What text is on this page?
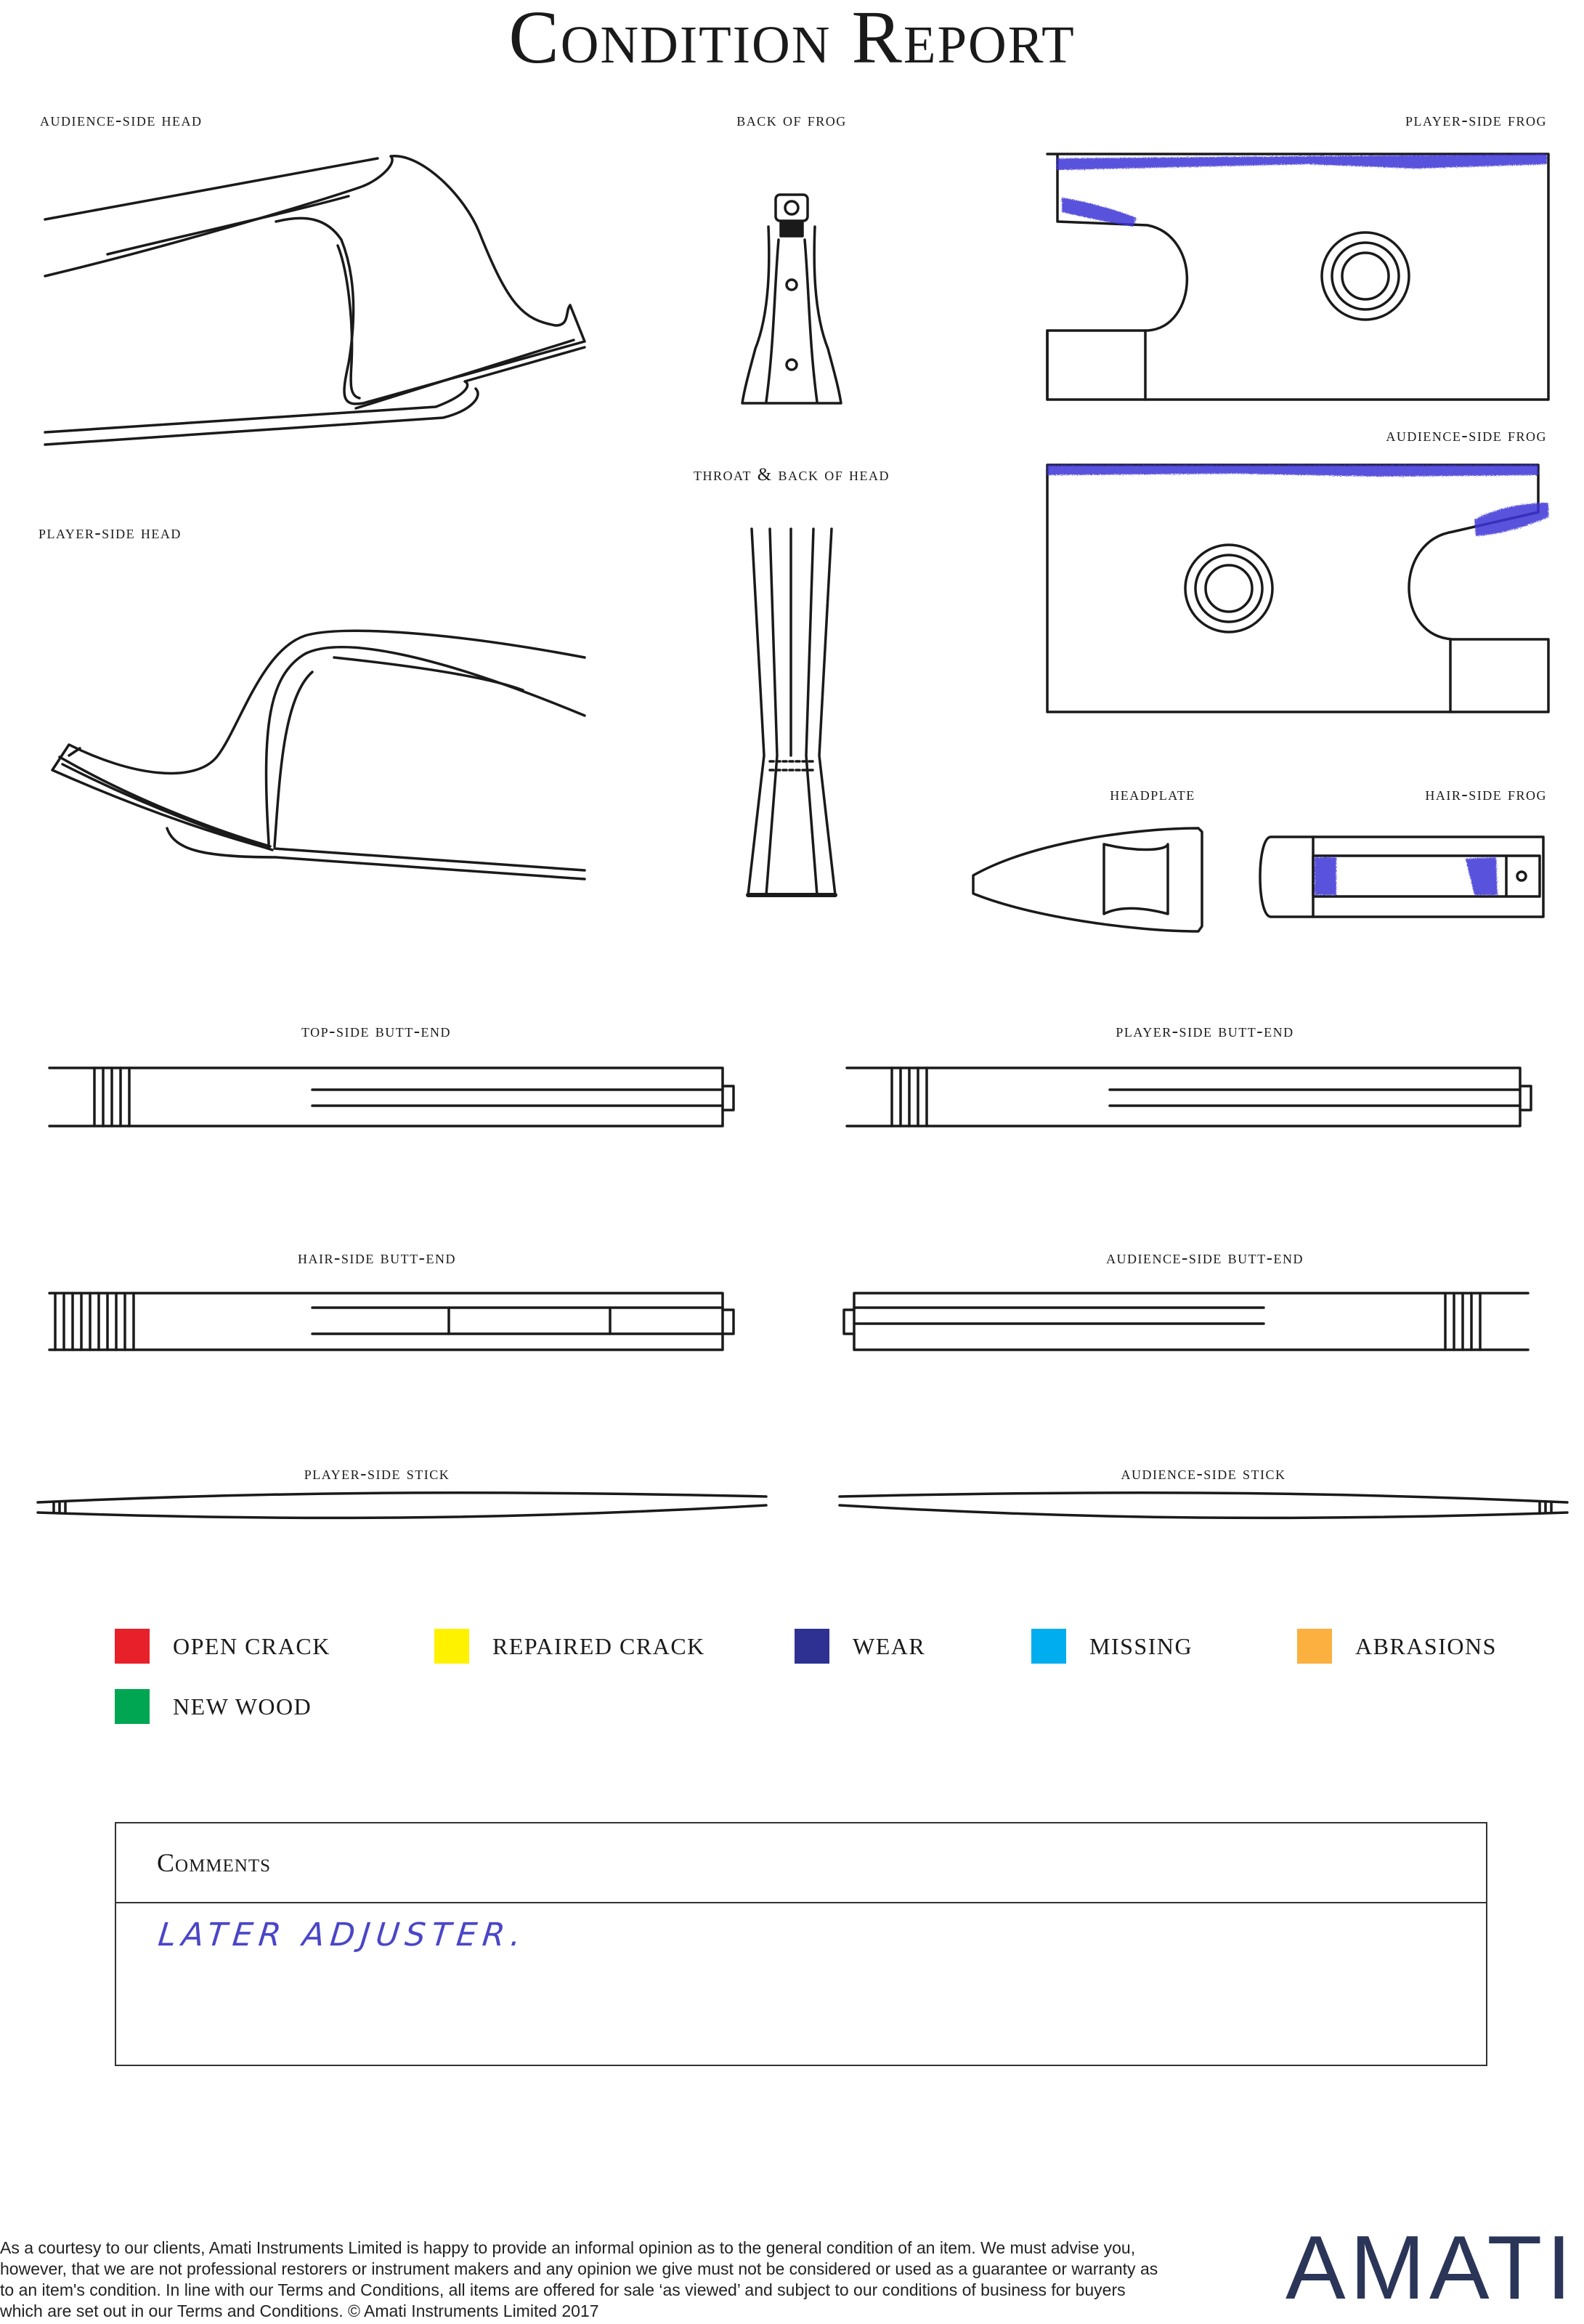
Condition Report
audience-side head	back of frog	player-side frog
audience-side frog
throat & back of head
player-side head
headplate	hair-side frog
top-side butt-end	player-side butt-end
hair-side butt-end	audience-side butt-end
player-side stick	audience-side stick
OPEN CRACK	REPAIRED CRACK	WEAR	MISSING	ABRASIONS
NEW WOOD
Comments
LATER ADJUSTER.
As a courtesy to our clients, Amati Instruments Limited is happy to provide an informal opinion as to the general condition of an item. We must advise you, however, that we are not professional restorers or instrument makers and any opinion we give must not be considered or used as a guarantee or warranty as to an item's condition. In line with our Terms and Conditions, all items are offered for sale ‘as viewed’ and subject to our conditions of business for buyers which are set out in our Terms and Conditions. © Amati Instruments Limited 2017	AMATI
